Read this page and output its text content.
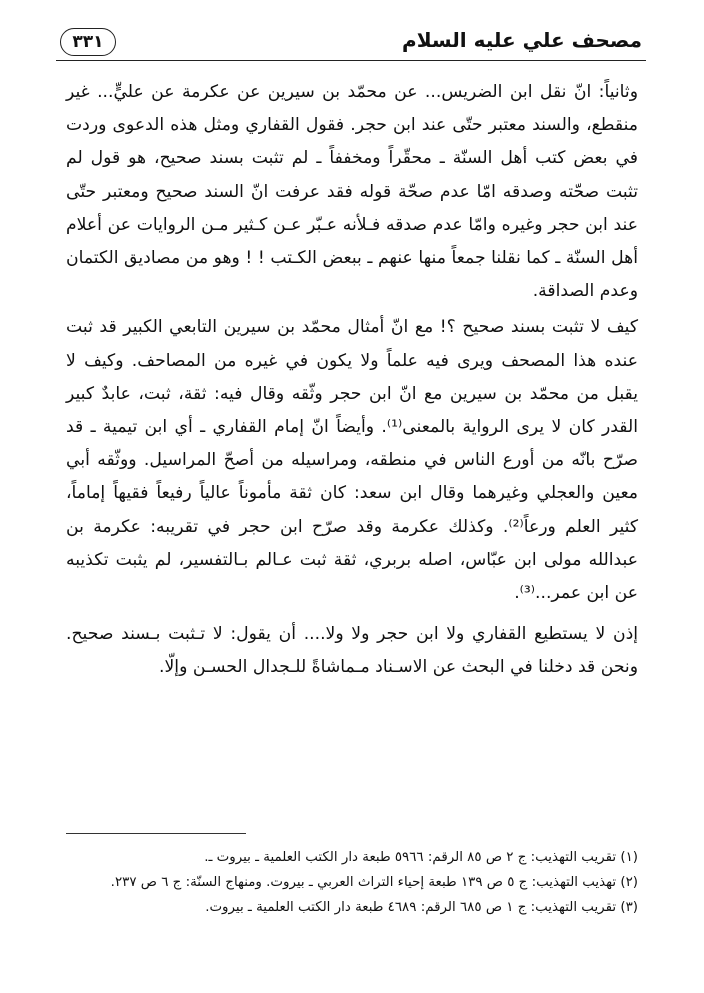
مصحف علي عليه السلام
٣٣١

وثانياً: انّ نقل ابن الضريس... عن محمّد بن سيرين عن عكرمة عن عليٍّ... غير منقطع، والسند معتبر حتّى عند ابن حجر. فقول القفاري ومثل هذه الدعوى وردت في بعض كتب أهل السنّة ـ محقّراً ومخففاً ـ لم تثبت بسند صحيح، هو قول لم تثبت صحّته وصدقه امّا عدم صحّة قوله فقد عرفت انّ السند صحيح ومعتبر حتّى عند ابن حجر وغيره وامّا عدم صدقه فـلأنه عـبّر عـن كـثير مـن الروايات عن أعلام أهل السنّة ـ كما نقلنا جمعاً منها عنهم ـ ببعض الكـتب ! ! وهو من مصاديق الكتمان وعدم الصداقة.

كيف لا تثبت بسند صحيح ؟! مع انّ أمثال محمّد بن سيرين التابعي الكبير قد ثبت عنده هذا المصحف ويرى فيه علماً ولا يكون في غيره من المصاحف. وكيف لا يقبل من محمّد بن سيرين مع انّ ابن حجر وثّقه وقال فيه: ثقة، ثبت، عابدٌ كبير القدر كان لا يرى الرواية بالمعنى⁽¹⁾. وأيضاً انّ إمام القفاري ـ أي ابن تيمية ـ قد صرّح بانّه من أورع الناس في منطقه، ومراسيله من أصحّ المراسيل. ووثّقه أبي معين والعجلي وغيرهما وقال ابن سعد: كان ثقة مأموناً عالياً رفيعاً فقيهاً إماماً، كثير العلم ورعاً⁽²⁾. وكذلك عكرمة وقد صرّح ابن حجر في تقريبه: عكرمة بن عبدالله مولى ابن عبّاس، اصله بربري، ثقة ثبت عـالم بـالتفسير، لم يثبت تكذيبه عن ابن عمر...⁽³⁾.

إذن لا يستطيع القفاري ولا ابن حجر ولا ولا.... أن يقول: لا تـثبت بـسند صحيح. ونحن قد دخلنا في البحث عن الاسـناد مـماشاةً للـجدال الحسـن وإلّا.

(١) تقريب التهذيب: ج ٢ ص ٨٥ الرقم: ٥٩٦٦ طبعة دار الكتب العلمية ـ بيروت ـ.

(٢) تهذيب التهذيب: ج ٥ ص ١٣٩ طبعة إحياء التراث العربي ـ بيروت. ومنهاج السنّة: ج ٦ ص ٢٣٧.

(٣) تقريب التهذيب: ج ١ ص ٦٨٥ الرقم: ٤٦٨٩ طبعة دار الكتب العلمية ـ بيروت.
